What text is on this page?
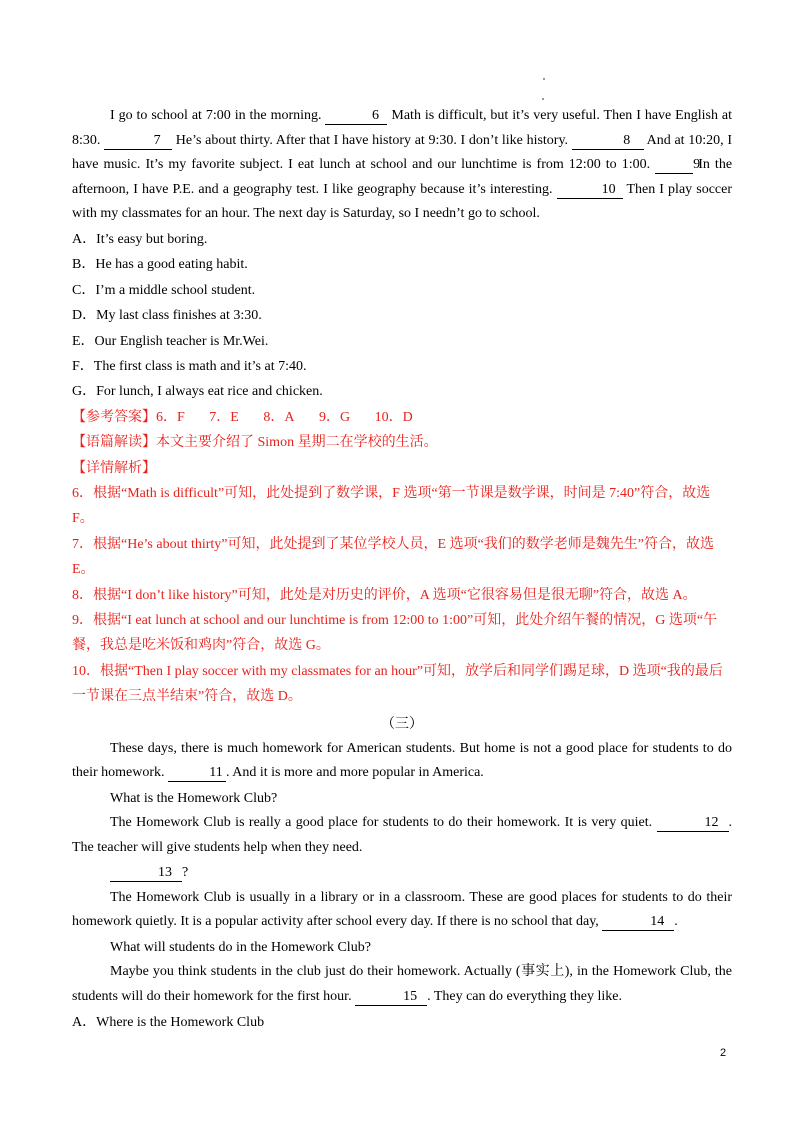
I go to school at 7:00 in the morning.	6 Math is difficult, but it’s very useful. Then I have English at 8:30.	7 He’s about thirty. After that I have history at 9:30. I don’t like history.	8 And at 10:20, I have music. It’s my favorite subject. I eat lunch at school and our lunchtime is from 12:00 to 1:00.	9 In the afternoon, I have P.E. and a geography test. I like geography because it’s interesting.	10 Then I play soccer with my classmates for an hour. The next day is Saturday, so I needn’t go to school.

A．It’s easy but boring.

B．He has a good eating habit.

C．I’m a middle school student.

D．My last class finishes at 3:30.

E．Our English teacher is Mr.Wei.

F．The first class is math and it’s at 7:40.

G．For lunch, I always eat rice and chicken.

【参考答案】6．F 7．E 8．A 9．G 10．D

【语篇解读】本文主要介绍了 Simon 星期二在学校的生活。

【详情解析】

6．根据“Math is difficult”可知，此处提到了数学课，F 选项“第一节课是数学课，时间是 7:40”符合，故选 F。

7．根据“He’s about thirty”可知，此处提到了某位学校人员，E 选项“我们的数学老师是魏先生”符合，故选 E。

8．根据“I don’t like history”可知，此处是对历史的评价，A 选项“它很容易但是很无聊”符合，故选 A。

9．根据“I eat lunch at school and our lunchtime is from 12:00 to 1:00”可知，此处介绍午餐的情况，G 选项“午餐，我总是吃米饭和鸡肉”符合，故选 G。

10．根据“Then I play soccer with my classmates for an hour”可知，放学后和同学们踢足球，D 选项“我的最后一节课在三点半结束”符合，故选 D。

（三）

These days, there is much homework for American students. But home is not a good place for students to do their homework.	11 . And it is more and more popular in America.

What is the Homework Club?

The Homework Club is really a good place for students to do their homework. It is very quiet.	12 . The teacher will give students help when they need.

13 ?

The Homework Club is usually in a library or in a classroom. These are good places for students to do their homework quietly. It is a popular activity after school every day. If there is no school that day,	14 .

What will students do in the Homework Club?

Maybe you think students in the club just do their homework. Actually (事实上), in the Homework Club, the students will do their homework for the first hour.	15 . They can do everything they like.

A．Where is the Homework Club

2
